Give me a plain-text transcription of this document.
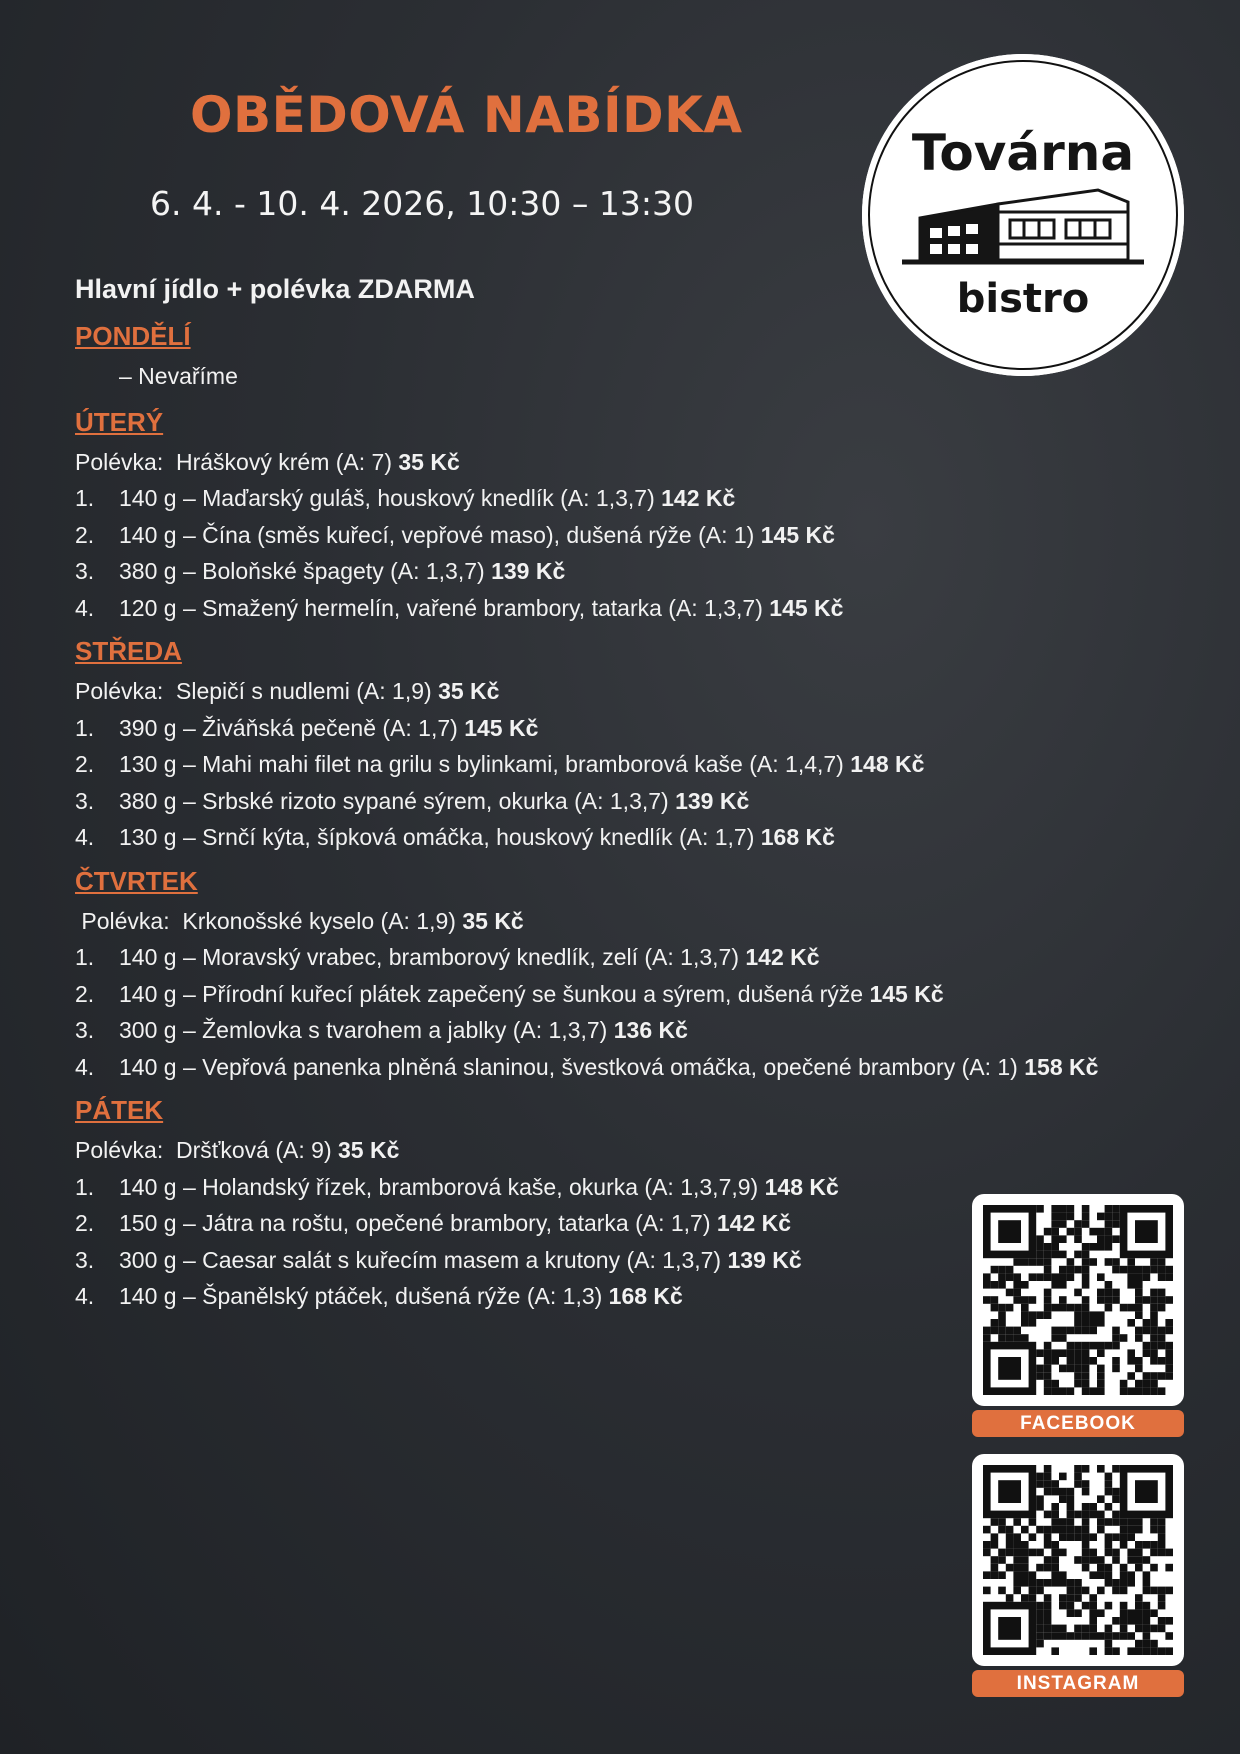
OBĚDOVÁ NABÍDKA
6. 4. - 10. 4. 2026, 10:30 – 13:30
Továrna
bistro
Hlavní jídlo + polévka ZDARMA
PONDĚLÍ
– Nevaříme
ÚTERÝ
Polévka: Hráškový krém (A: 7) 35 Kč
1. 140 g – Maďarský guláš, houskový knedlík (A: 1,3,7) 142 Kč
2. 140 g – Čína (směs kuřecí, vepřové maso), dušená rýže (A: 1) 145 Kč
3. 380 g – Boloňské špagety (A: 1,3,7) 139 Kč
4. 120 g – Smažený hermelín, vařené brambory, tatarka (A: 1,3,7) 145 Kč
STŘEDA
Polévka: Slepičí s nudlemi (A: 1,9) 35 Kč
1. 390 g – Živáňská pečeně (A: 1,7) 145 Kč
2. 130 g – Mahi mahi filet na grilu s bylinkami, bramborová kaše (A: 1,4,7) 148 Kč
3. 380 g – Srbské rizoto sypané sýrem, okurka (A: 1,3,7) 139 Kč
4. 130 g – Srnčí kýta, šípková omáčka, houskový knedlík (A: 1,7) 168 Kč
ČTVRTEK
Polévka: Krkonošské kyselo (A: 1,9) 35 Kč
1. 140 g – Moravský vrabec, bramborový knedlík, zelí (A: 1,3,7) 142 Kč
2. 140 g – Přírodní kuřecí plátek zapečený se šunkou a sýrem, dušená rýže 145 Kč
3. 300 g – Žemlovka s tvarohem a jablky (A: 1,3,7) 136 Kč
4. 140 g – Vepřová panenka plněná slaninou, švestková omáčka, opečené brambory (A: 1) 158 Kč
PÁTEK
Polévka: Dršťková (A: 9) 35 Kč
1. 140 g – Holandský řízek, bramborová kaše, okurka (A: 1,3,7,9) 148 Kč
2. 150 g – Játra na roštu, opečené brambory, tatarka (A: 1,7) 142 Kč
3. 300 g – Caesar salát s kuřecím masem a krutony (A: 1,3,7) 139 Kč
4. 140 g – Španělský ptáček, dušená rýže (A: 1,3) 168 Kč
FACEBOOK
INSTAGRAM
